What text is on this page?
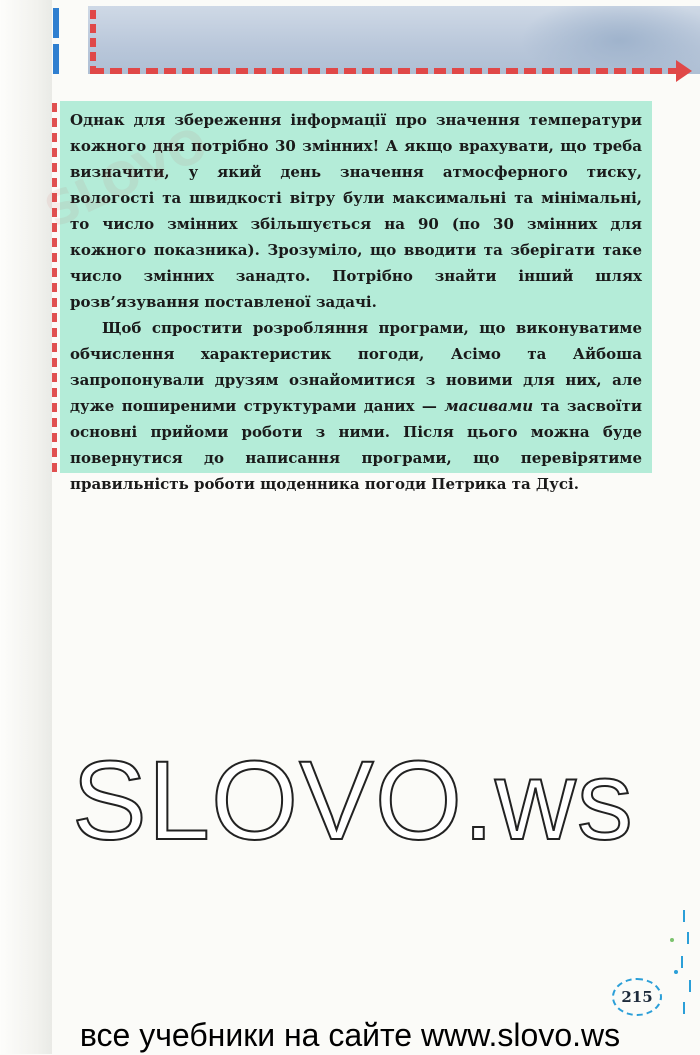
Однак для збереження інформації про значення температури кожного дня потрібно 30 змінних! А якщо врахувати, що треба визначити, у який день значення атмосферного тиску, вологості та швидкості вітру були максимальні та мінімальні, то число змінних збільшується на 90 (по 30 змінних для кожного показника). Зрозуміло, що вводити та зберігати таке число змінних занадто. Потрібно знайти інший шлях розв’язування поставленої задачі.

Щоб спростити розробляння програми, що виконуватиме обчислення характеристик погоди, Асімо та Айбоша запропонували друзям ознайомитися з новими для них, але дуже поширеними структурами даних — масивами та засвоїти основні прийоми роботи з ними. Після цього можна буде повернутися до написання програми, що перевірятиме правильність роботи щоденника погоди Петрика та Дусі.

SLOVO.ws
215
все учебники на сайте www.slovo.ws
